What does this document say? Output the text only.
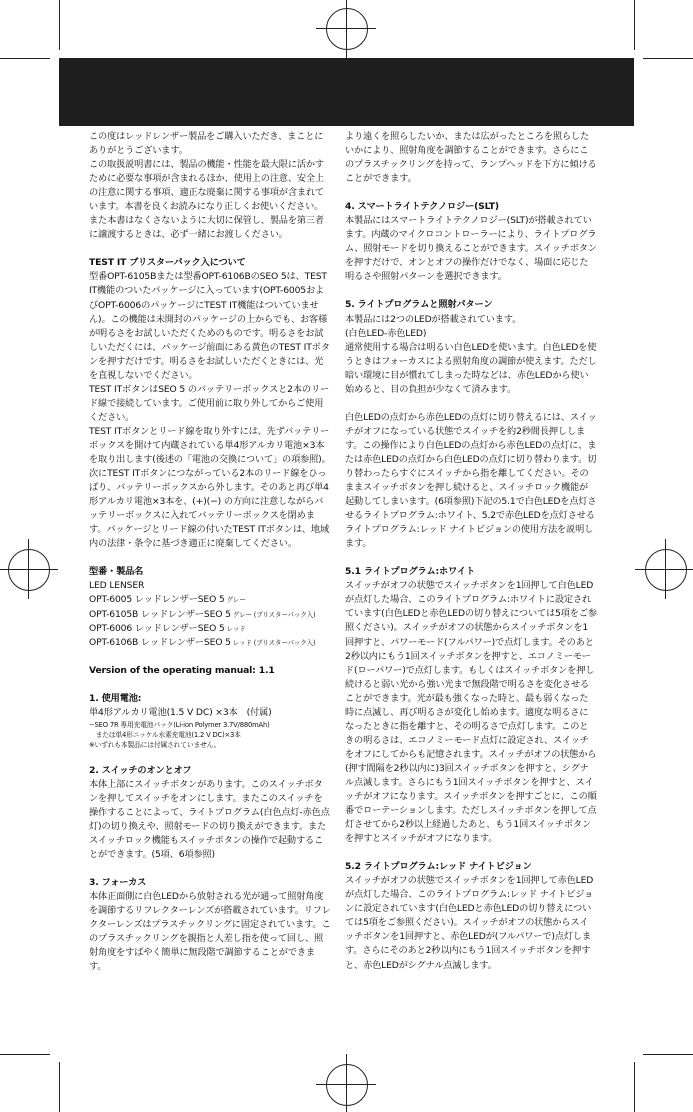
この度はレッドレンザー製品をご購入いただき、まことにありがとうございます。

この取扱説明書には、製品の機能・性能を最大限に活かすために必要な事項が含まれるほか、使用上の注意、安全上の注意に関する事項、適正な廃棄に関する事項が含まれています。本書を良くお読みになり正しくお使いください。また本書はなくさないように大切に保管し、製品を第三者に譲渡するときは、必ず一緒にお渡しください。

TEST IT ブリスターパック入について

型番OPT-6105Bまたは型番OPT-6106BのSEO 5は、TEST IT機能のついたパッケージに入っています(OPT-6005およびOPT-6006のパッケージにTEST IT機能はついていません)。この機能は未開封のパッケージの上からでも、お客様が明るさをお試しいただくためのものです。明るさをお試しいただくには、パッケージ前面にある黄色のTEST ITボタンを押すだけです。明るさをお試しいただくときには、光を直視しないでください。

TEST ITボタンはSEO 5 のバッテリーボックスと2本のリード線で接続しています。ご使用前に取り外してからご使用ください。

TEST ITボタンとリード線を取り外すには、先ずバッテリーボックスを開けて内蔵されている単4形アルカリ電池×3本を取り出します(後述の「電池の交換について」の項参照)。次にTEST ITボタンにつながっている2本のリード線をひっぱり、バッテリーボックスから外します。そのあと再び単4形アルカリ電池×3本を、(+)(−) の方向に注意しながらバッテリーボックスに入れてバッテリーボックスを閉めます。パッケージとリード線の付いたTEST ITボタンは、地域内の法律・条令に基づき適正に廃棄してください。

型番・製品名

LED LENSER

OPT-6005 レッドレンザーSEO 5 グレー

OPT-6105B レッドレンザーSEO 5 グレー (ブリスターパック入)

OPT-6006 レッドレンザーSEO 5 レッド

OPT-6106B レッドレンザーSEO 5 レッド (ブリスターパック入)

Version of the operating manual: 1.1

1. 使用電池:

単4形アルカリ電池(1.5 V DC) ×3本　(付属)

−SEO 7R 専用充電池パック(Li-ion Polymer 3.7V/880mAh)

　または単4形ニッケル水素充電池(1.2 V DC)×3本

※いずれも本製品には付属されていません。

2. スイッチのオンとオフ

本体上部にスイッチボタンがあります。このスイッチボタンを押してスイッチをオンにします。またこのスイッチを操作することによって、ライトプログラム(白色点灯-赤色点灯)の切り換えや、照射モードの切り換えができます。またスイッチロック機能もスイッチボタンの操作で起動することができます。(5項、6項参照)

3. フォーカス

本体正面側に白色LEDから放射される光が通って照射角度を調節するリフレクターレンズが搭載されています。リフレクターレンズはプラスチックリングに固定されています。このプラスチックリングを親指と人差し指を使って回し、照射角度をすばやく簡単に無段階で調節することができます。

より遠くを照らしたいか、または広がったところを照らしたいかにより、照射角度を調節することができます。さらにこのプラスチックリングを持って、ランプヘッドを下方に傾けることができます。

4. スマートライトテクノロジー(SLT)

本製品にはスマートライトテクノロジー(SLT)が搭載されています。内蔵のマイクロコントローラーにより、ライトプログラム、照射モードを切り換えることができます。スイッチボタンを押すだけで、オンとオフの操作だけでなく、場面に応じた明るさや照射パターンを選択できます。

5. ライトプログラムと照射パターン

本製品には2つのLEDが搭載されています。

(白色LED-赤色LED)

通常使用する場合は明るい白色LEDを使います。白色LEDを使うときはフォーカスによる照射角度の調節が使えます。ただし暗い環境に目が慣れてしまった時などは、赤色LEDから使い始めると、目の負担が少なくて済みます。

白色LEDの点灯から赤色LEDの点灯に切り替えるには、スイッチがオフになっている状態でスイッチを約2秒間長押しします。この操作により白色LEDの点灯から赤色LEDの点灯に、または赤色LEDの点灯から白色LEDの点灯に切り替わります。切り替わったらすぐにスイッチから指を離してください。そのままスイッチボタンを押し続けると、スイッチロック機能が起動してしまいます。(6項参照)下記の5.1で白色LEDを点灯させるライトプログラム:ホワイト、5.2で赤色LEDを点灯させるライトプログラム:レッド ナイトビジョンの使用方法を説明します。

5.1 ライトプログラム:ホワイト

スイッチがオフの状態でスイッチボタンを1回押して白色LEDが点灯した場合、このライトプログラム:ホワイトに設定されています(白色LEDと赤色LEDの切り替えについては5項をご参照ください)。スイッチがオフの状態からスイッチボタンを1回押すと、パワーモード(フルパワー)で点灯します。そのあと2秒以内にもう1回スイッチボタンを押すと、エコノミーモード(ローパワー)で点灯します。もしくはスイッチボタンを押し続けると弱い光から強い光まで無段階で明るさを変化させることができます。光が最も強くなった時と、最も弱くなった時に点滅し、再び明るさが変化し始めます。適度な明るさになったときに指を離すと、その明るさで点灯します。このときの明るさは、エコノミーモード点灯に設定され、スイッチをオフにしてからも記憶されます。スイッチがオフの状態から(押す間隔を2秒以内に)3回スイッチボタンを押すと、シグナル点滅します。さらにもう1回スイッチボタンを押すと、スイッチがオフになります。スイッチボタンを押すごとに、この順番でローテーションします。ただしスイッチボタンを押して点灯させてから2秒以上経過したあと、もう1回スイッチボタンを押すとスイッチがオフになります。

5.2 ライトプログラム:レッド ナイトビジョン

スイッチがオフの状態でスイッチボタンを1回押して赤色LEDが点灯した場合、このライトプログラム:レッド ナイトビジョンに設定されています(白色LEDと赤色LEDの切り替えについては5項をご参照ください)。スイッチがオフの状態からスイッチボタンを1回押すと、赤色LEDが(フルパワーで)点灯します。さらにそのあと2秒以内にもう1回スイッチボタンを押すと、赤色LEDがシグナル点滅します。
